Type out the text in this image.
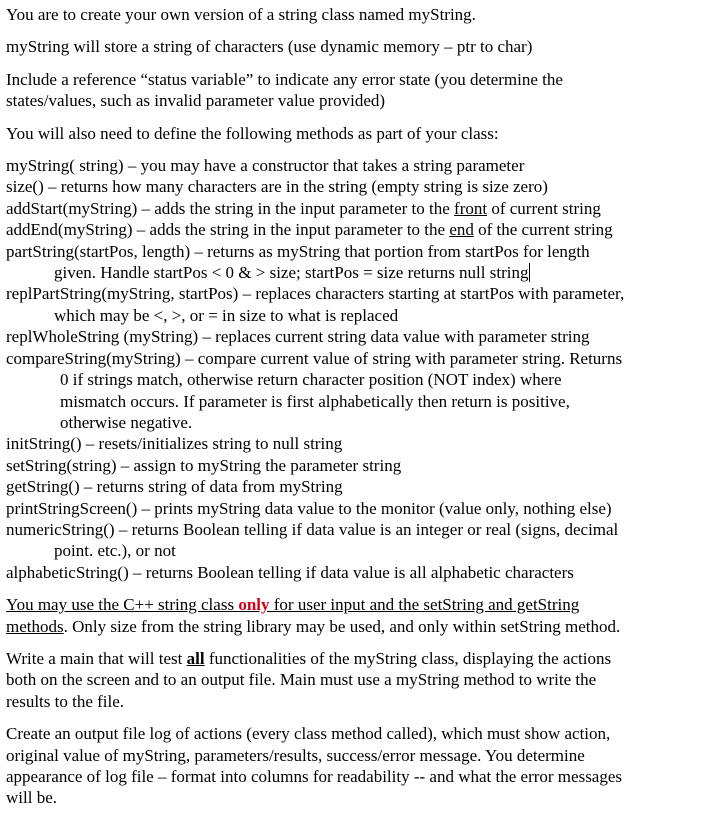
You are to create your own version of a string class named myString.

myString will store a string of characters (use dynamic memory – ptr to char)

Include a reference “status variable” to indicate any error state (you determine the

states/values, such as invalid parameter value provided)

You will also need to define the following methods as part of your class:

myString( string) – you may have a constructor that takes a string parameter

size() – returns how many characters are in the string (empty string is size zero)

addStart(myString) – adds the string in the input parameter to the front of current string

addEnd(myString) – adds the string in the input parameter to the end of the current string

partString(startPos, length) – returns as myString that portion from startPos for length

given. Handle startPos < 0 & > size; startPos = size returns null string

replPartString(myString, startPos) – replaces characters starting at startPos with parameter,

which may be <, >, or = in size to what is replaced

replWholeString (myString) – replaces current string data value with parameter string

compareString(myString) – compare current value of string with parameter string. Returns

0 if strings match, otherwise return character position (NOT index) where

mismatch occurs. If parameter is first alphabetically then return is positive,

otherwise negative.

initString() – resets/initializes string to null string

setString(string) – assign to myString the parameter string

getString() – returns string of data from myString

printStringScreen() – prints myString data value to the monitor (value only, nothing else)

numericString() – returns Boolean telling if data value is an integer or real (signs, decimal

point. etc.), or not

alphabeticString() – returns Boolean telling if data value is all alphabetic characters

You may use the C++ string class only for user input and the setString and getString

methods. Only size from the string library may be used, and only within setString method.

Write a main that will test all functionalities of the myString class, displaying the actions

both on the screen and to an output file. Main must use a myString method to write the

results to the file.

Create an output file log of actions (every class method called), which must show action,

original value of myString, parameters/results, success/error message. You determine

appearance of log file – format into columns for readability -- and what the error messages

will be.
